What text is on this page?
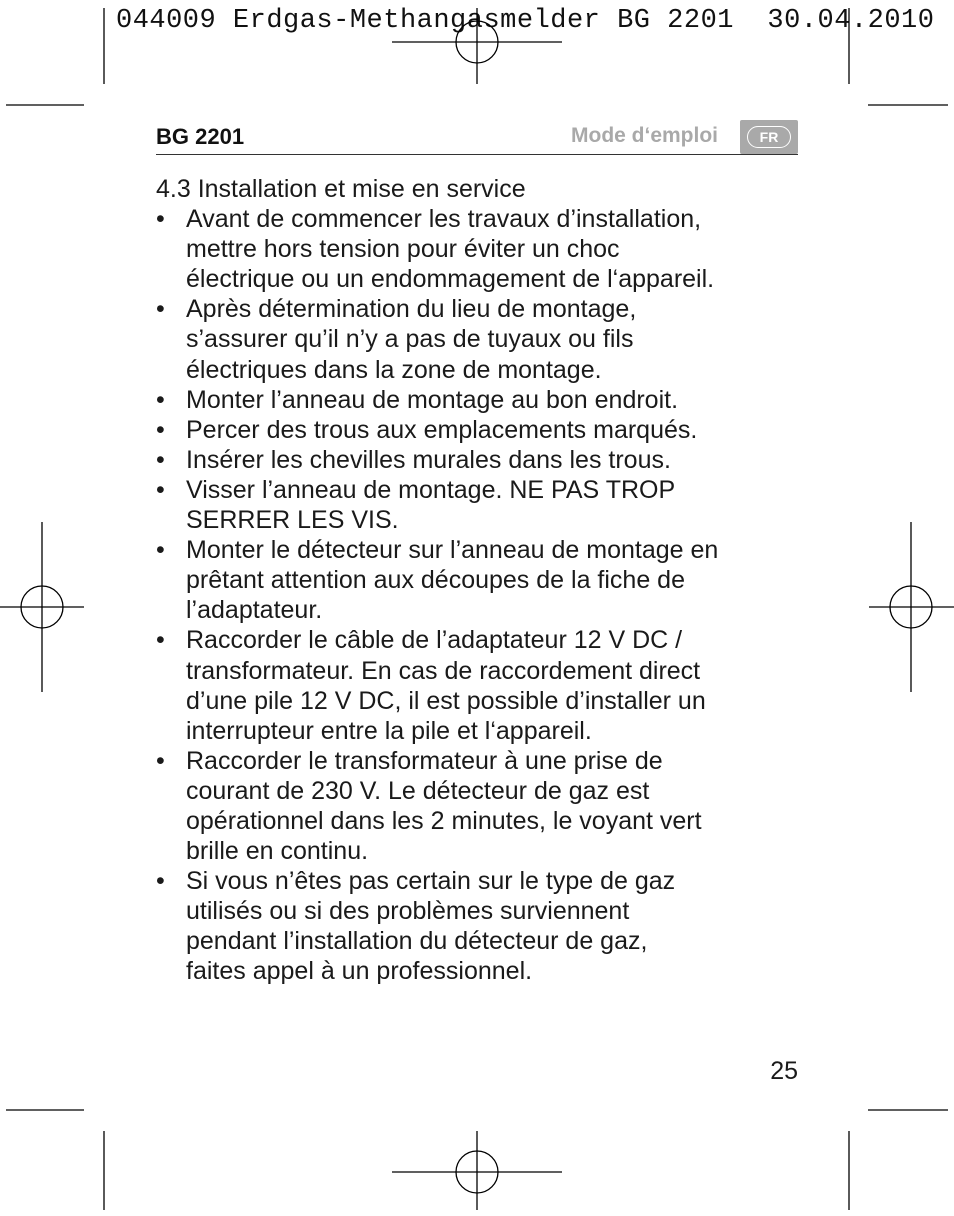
044009 Erdgas-Methangasmelder BG 2201  30.04.2010

BG 2201	Mode d‘emploi	FR
4.3 Installation et mise en service
• Avant de commencer les travaux d’installation,
mettre hors tension pour éviter un choc
électrique ou un endommagement de l‘appareil.
• Après détermination du lieu de montage,
s’assurer qu’il n’y a pas de tuyaux ou fils
électriques dans la zone de montage.
• Monter l’anneau de montage au bon endroit.
• Percer des trous aux emplacements marqués.
• Insérer les chevilles murales dans les trous.
• Visser l’anneau de montage. NE PAS TROP
SERRER LES VIS.
• Monter le détecteur sur l’anneau de montage en
prêtant attention aux découpes de la fiche de
l’adaptateur.
• Raccorder le câble de l’adaptateur 12 V DC /
transformateur. En cas de raccordement direct
d’une pile 12 V DC, il est possible d’installer un
interrupteur entre la pile et l‘appareil.
• Raccorder le transformateur à une prise de
courant de 230 V. Le détecteur de gaz est
opérationnel dans les 2 minutes, le voyant vert
brille en continu.
• Si vous n’êtes pas certain sur le type de gaz
utilisés ou si des problèmes surviennent
pendant l’installation du détecteur de gaz,
faites appel à un professionnel.
25
